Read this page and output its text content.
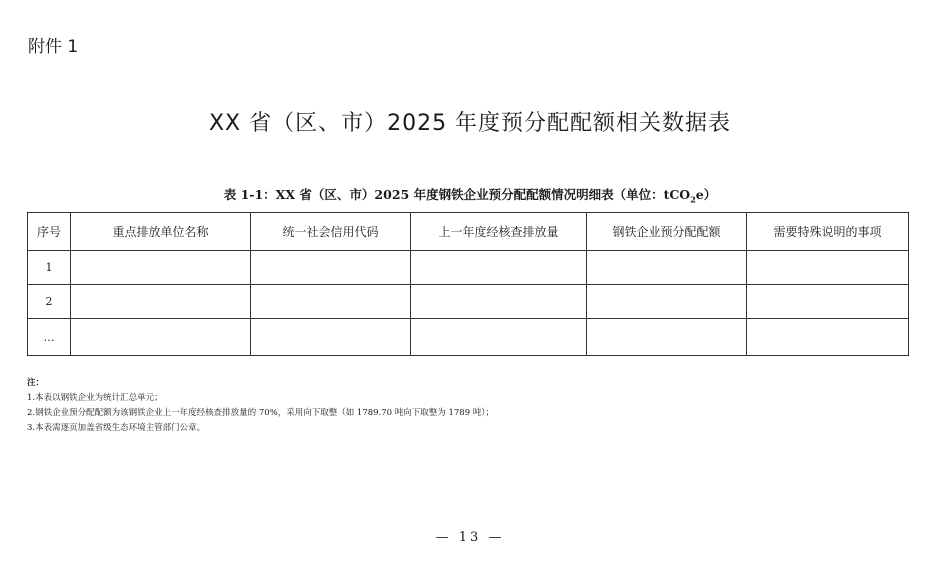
附件 1
XX 省（区、市）2025 年度预分配配额相关数据表
表 1-1：XX 省（区、市）2025 年度钢铁企业预分配配额情况明细表（单位：tCO$_2$e）
序号	重点排放单位名称	统一社会信用代码	上一年度经核查排放量	钢铁企业预分配配额	需要特殊说明的事项
1					
2					
…					
注：
1.本表以钢铁企业为统计汇总单元；
2.钢铁企业预分配配额为该钢铁企业上一年度经核查排放量的 70%，采用向下取整（如 1789.70 吨向下取整为 1789 吨）；
3.本表需逐页加盖省级生态环境主管部门公章。
— 13 —
